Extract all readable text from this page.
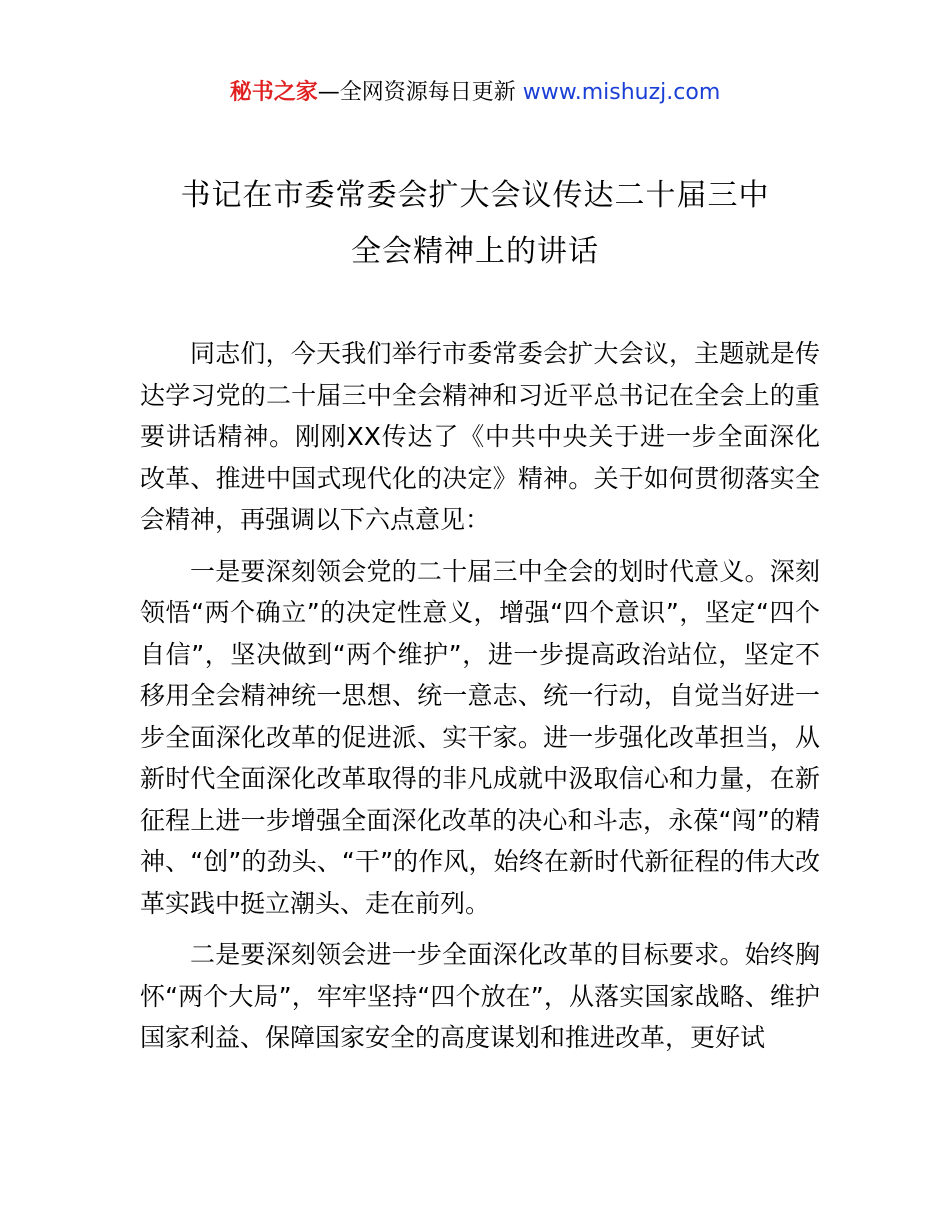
秘书之家—全网资源每日更新 www.mishuzj.com
书记在市委常委会扩大会议传达二十届三中
全会精神上的讲话

同志们，今天我们举行市委常委会扩大会议，主题就是传达学习党的二十届三中全会精神和习近平总书记在全会上的重要讲话精神。刚刚XX传达了《中共中央关于进一步全面深化改革、推进中国式现代化的决定》精神。关于如何贯彻落实全会精神，再强调以下六点意见：

一是要深刻领会党的二十届三中全会的划时代意义。深刻领悟“两个确立”的决定性意义，增强“四个意识”，坚定“四个自信”，坚决做到“两个维护”，进一步提高政治站位，坚定不移用全会精神统一思想、统一意志、统一行动，自觉当好进一步全面深化改革的促进派、实干家。进一步强化改革担当，从新时代全面深化改革取得的非凡成就中汲取信心和力量，在新征程上进一步增强全面深化改革的决心和斗志，永葆“闯”的精神、“创”的劲头、“干”的作风，始终在新时代新征程的伟大改革实践中挺立潮头、走在前列。

二是要深刻领会进一步全面深化改革的目标要求。始终胸怀“两个大局”，牢牢坚持“四个放在”，从落实国家战略、维护国家利益、保障国家安全的高度谋划和推进改革，更好试
